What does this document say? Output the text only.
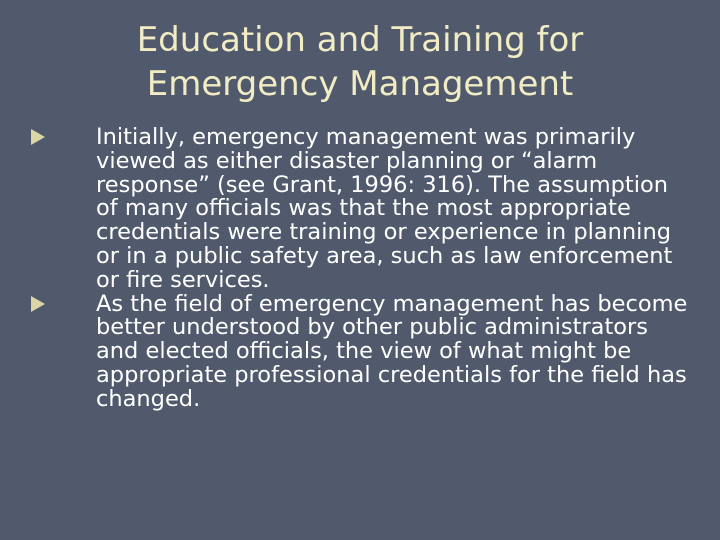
Education and Training for
Emergency Management
Initially, emergency management was primarily viewed as either disaster planning or “alarm response” (see Grant, 1996: 316). The assumption of many officials was that the most appropriate credentials were training or experience in planning or in a public safety area, such as law enforcement or fire services.
As the field of emergency management has become better understood by other public administrators and elected officials, the view of what might be appropriate professional credentials for the field has changed.
